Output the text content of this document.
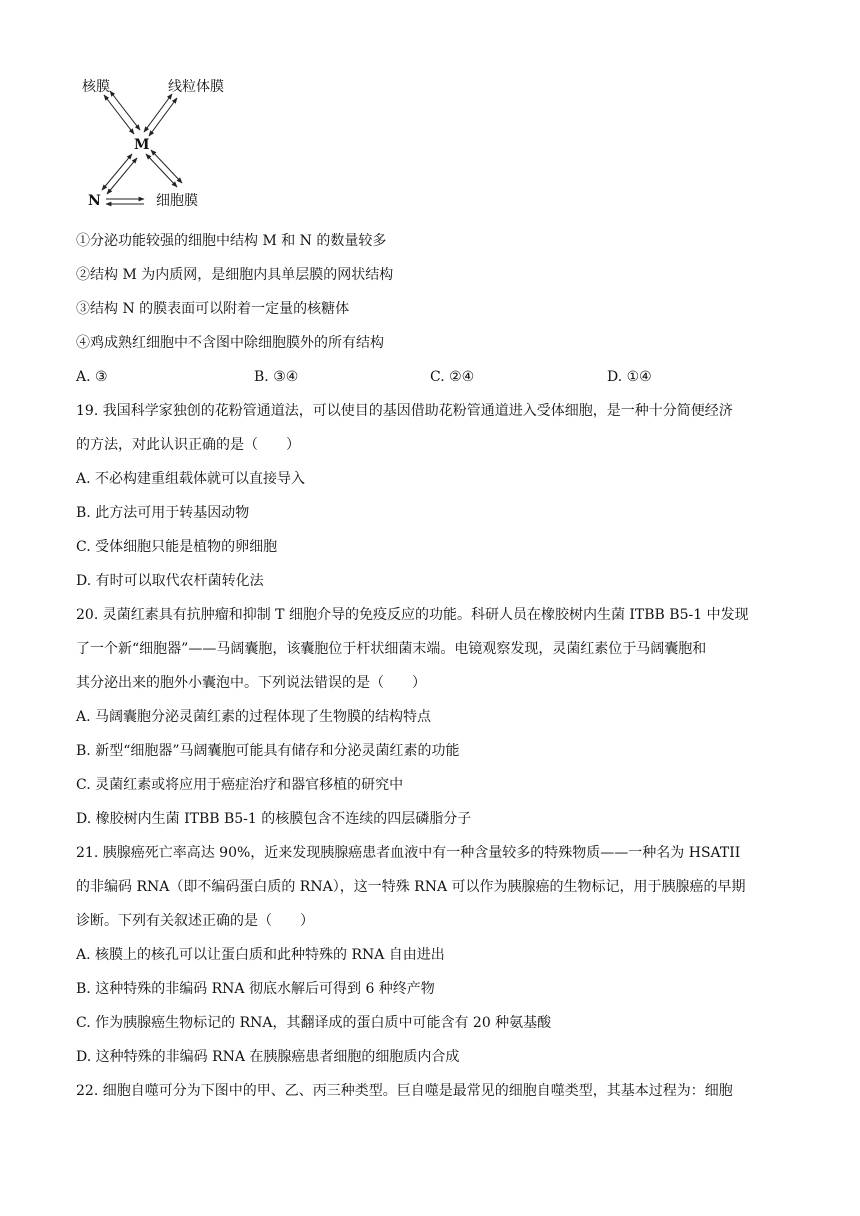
核膜	线粒体膜
M
N	细胞膜
①分泌功能较强的细胞中结构 M 和 N 的数量较多
②结构 M 为内质网，是细胞内具单层膜的网状结构
③结构 N 的膜表面可以附着一定量的核糖体
④鸡成熟红细胞中不含图中除细胞膜外的所有结构
A. ③	B. ③④	C. ②④	D. ①④
19. 我国科学家独创的花粉管通道法，可以使目的基因借助花粉管通道进入受体细胞，是一种十分简便经济
的方法，对此认识正确的是（　　）
A. 不必构建重组载体就可以直接导入
B. 此方法可用于转基因动物
C. 受体细胞只能是植物的卵细胞
D. 有时可以取代农杆菌转化法
20. 灵菌红素具有抗肿瘤和抑制 T 细胞介导的免疫反应的功能。科研人员在橡胶树内生菌 ITBB B5-1 中发现
了一个新“细胞器”——马阔囊胞，该囊胞位于杆状细菌末端。电镜观察发现，灵菌红素位于马阔囊胞和
其分泌出来的胞外小囊泡中。下列说法错误的是（　　）
A. 马阔囊胞分泌灵菌红素的过程体现了生物膜的结构特点
B. 新型“细胞器”马阔囊胞可能具有储存和分泌灵菌红素的功能
C. 灵菌红素或将应用于癌症治疗和器官移植的研究中
D. 橡胶树内生菌 ITBB B5-1 的核膜包含不连续的四层磷脂分子
21. 胰腺癌死亡率高达 90%，近来发现胰腺癌患者血液中有一种含量较多的特殊物质——一种名为 HSATII
的非编码 RNA（即不编码蛋白质的 RNA），这一特殊 RNA 可以作为胰腺癌的生物标记，用于胰腺癌的早期
诊断。下列有关叙述正确的是（　　）
A. 核膜上的核孔可以让蛋白质和此种特殊的 RNA 自由进出
B. 这种特殊的非编码 RNA 彻底水解后可得到 6 种终产物
C. 作为胰腺癌生物标记的 RNA，其翻译成的蛋白质中可能含有 20 种氨基酸
D. 这种特殊的非编码 RNA 在胰腺癌患者细胞的细胞质内合成
22. 细胞自噬可分为下图中的甲、乙、丙三种类型。巨自噬是最常见的细胞自噬类型，其基本过程为：细胞
